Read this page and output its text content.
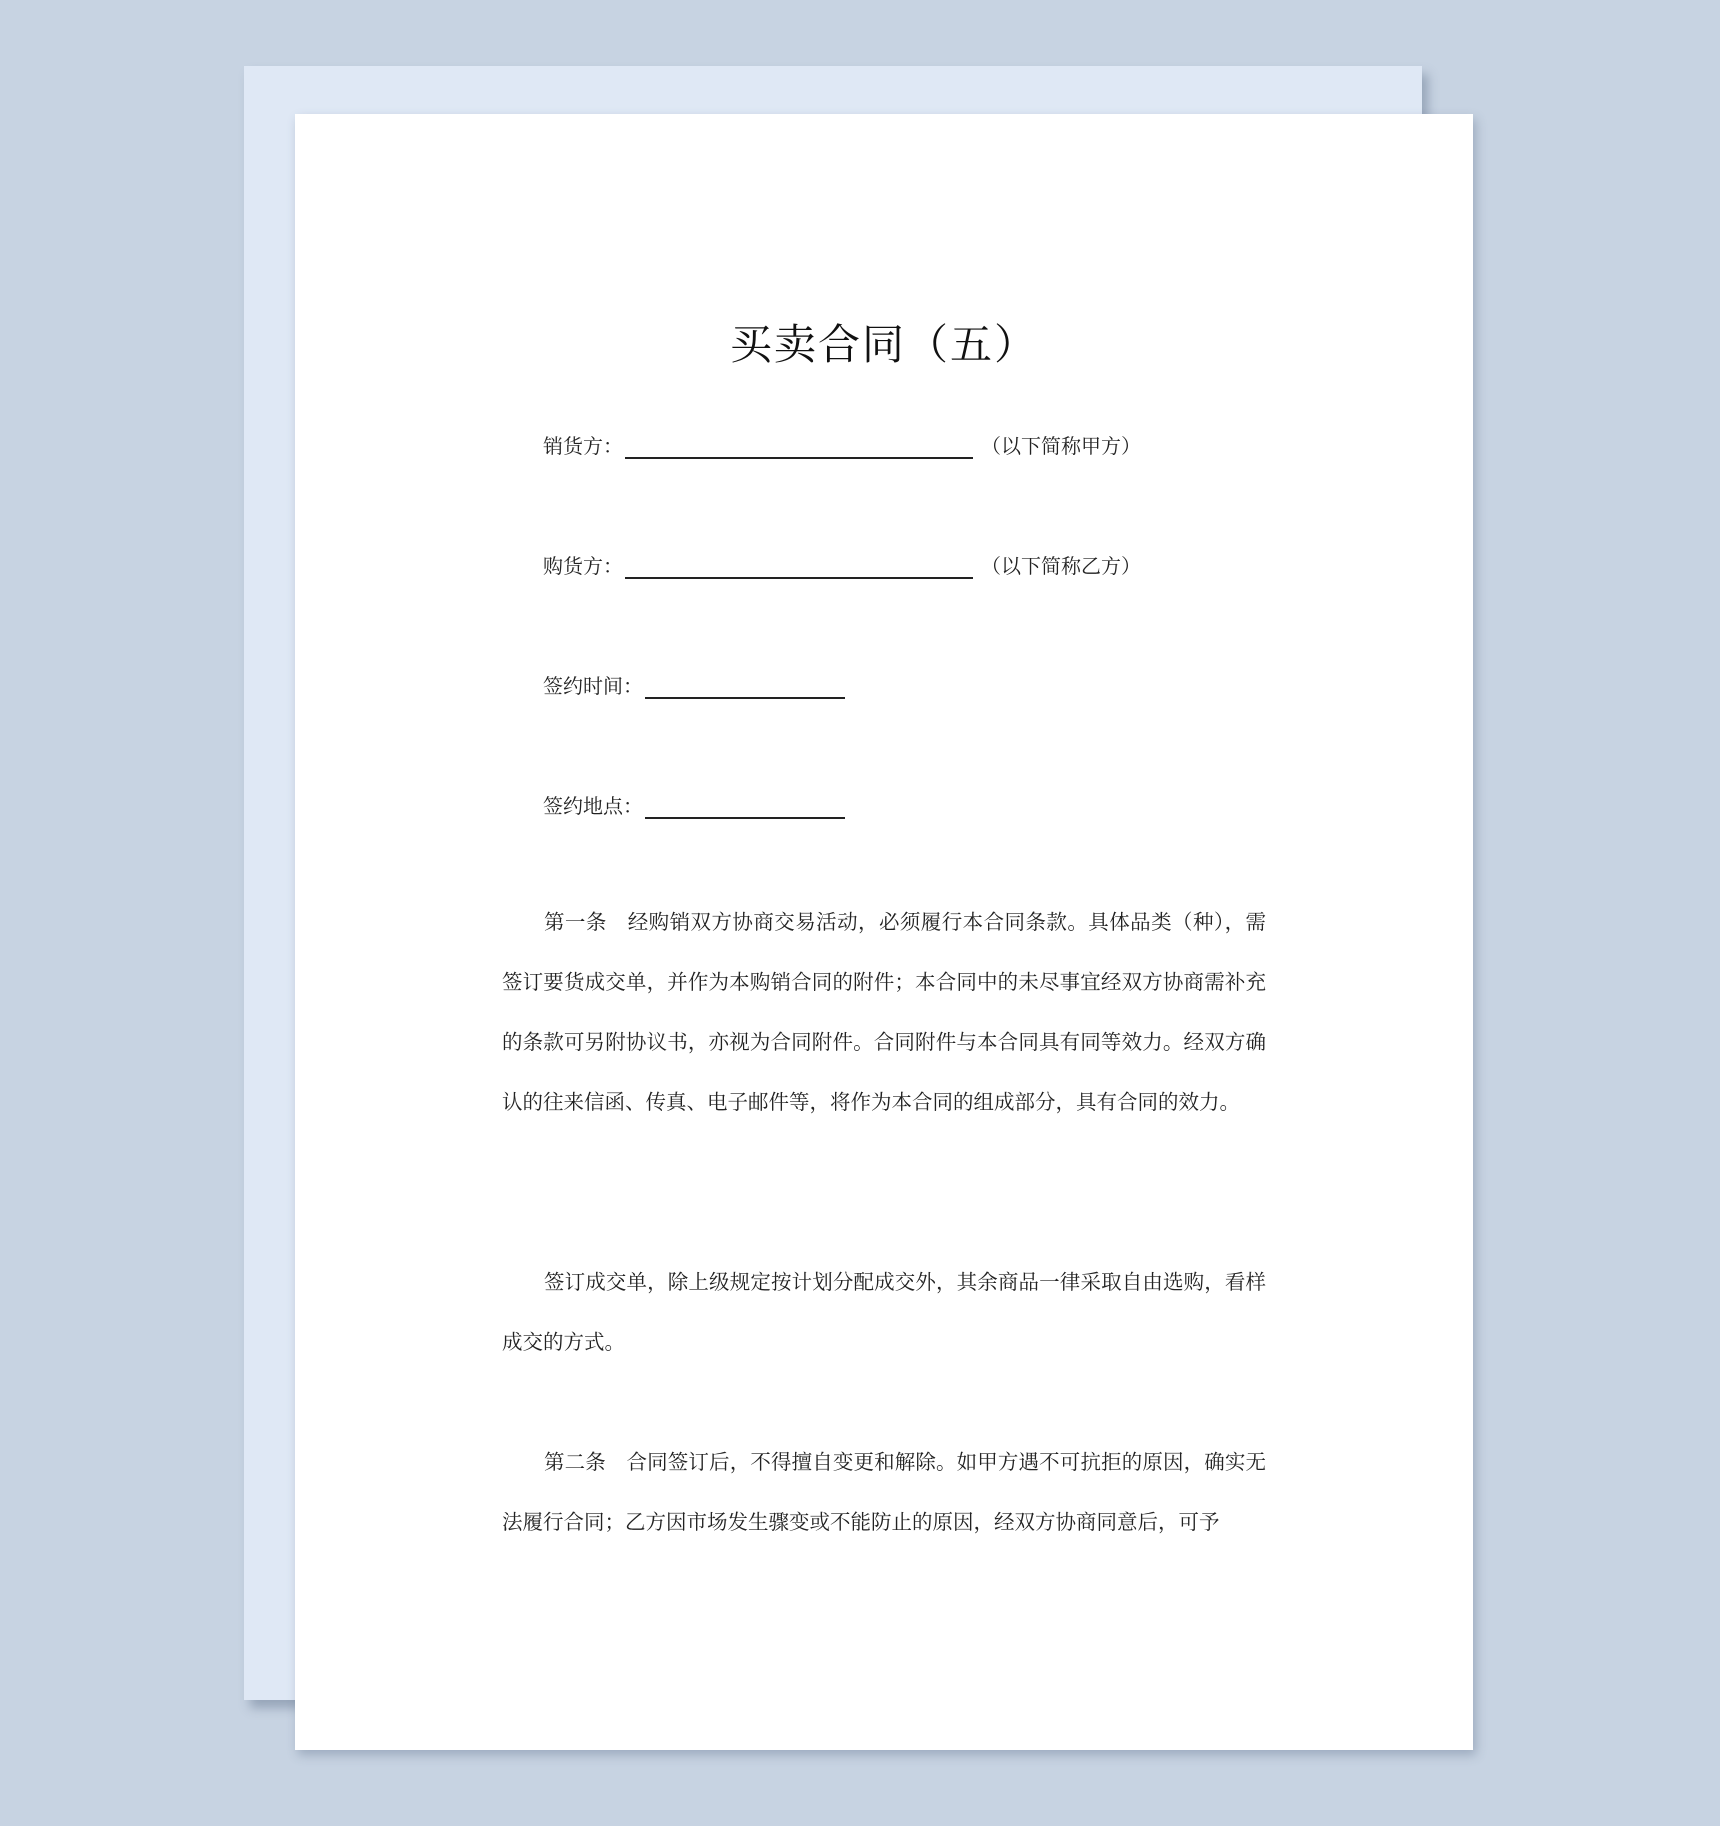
买卖合同（五）
销货方：	（以下简称甲方）
购货方：	（以下简称乙方）
签约时间：
签约地点：

第一条　经购销双方协商交易活动，必须履行本合同条款。具体品类（种），需签订要货成交单，并作为本购销合同的附件；本合同中的未尽事宜经双方协商需补充的条款可另附协议书，亦视为合同附件。合同附件与本合同具有同等效力。经双方确认的往来信函、传真、电子邮件等，将作为本合同的组成部分，具有合同的效力。

签订成交单，除上级规定按计划分配成交外，其余商品一律采取自由选购，看样成交的方式。

第二条　合同签订后，不得擅自变更和解除。如甲方遇不可抗拒的原因，确实无法履行合同；乙方因市场发生骤变或不能防止的原因，经双方协商同意后，可予
